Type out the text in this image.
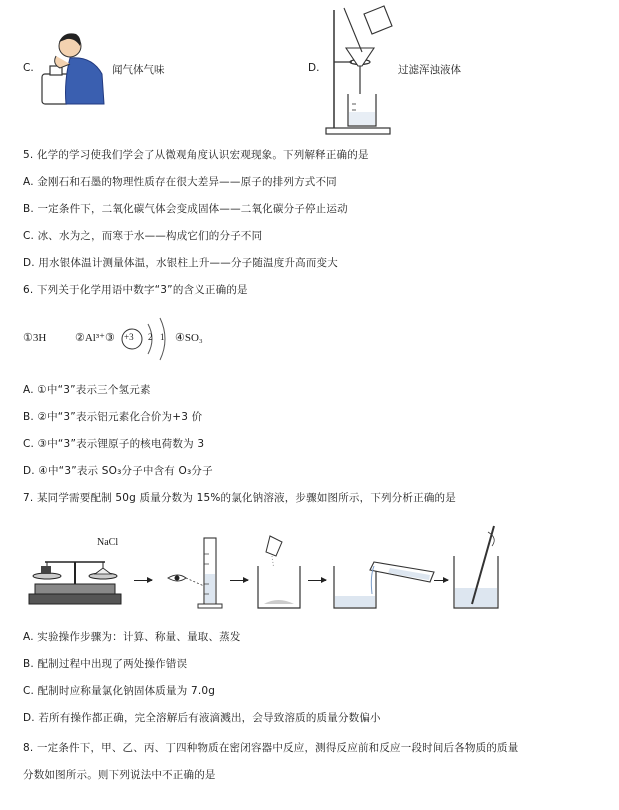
C.	闻气体气味	D.	过滤浑浊液体
5. 化学的学习使我们学会了从微观角度认识宏观现象。下列解释正确的是
A. 金刚石和石墨的物理性质存在很大差异——原子的排列方式不同
B. 一定条件下，二氧化碳气体会变成固体——二氧化碳分子停止运动
C. 冰、水为之，而寒于水——构成它们的分子不同
D. 用水银体温计测量体温，水银柱上升——分子随温度升高而变大
6. 下列关于化学用语中数字“3”的含义正确的是
①3H	②Al³⁺③ +3 2 1 ④SO₃
A. ①中“3”表示三个氢元素
B. ②中“3”表示铝元素化合价为+3 价
C. ③中“3”表示锂原子的核电荷数为 3
D. ④中“3”表示 SO₃分子中含有 O₃分子
7. 某同学需要配制 50g 质量分数为 15%的氯化钠溶液，步骤如图所示，下列分析正确的是
NaCl
A. 实验操作步骤为：计算、称量、量取、蒸发
B. 配制过程中出现了两处操作错误
C. 配制时应称量氯化钠固体质量为 7.0g
D. 若所有操作都正确，完全溶解后有液滴溅出，会导致溶质的质量分数偏小
8. 一定条件下，甲、乙、丙、丁四种物质在密闭容器中反应，测得反应前和反应一段时间后各物质的质量
分数如图所示。则下列说法中不正确的是
